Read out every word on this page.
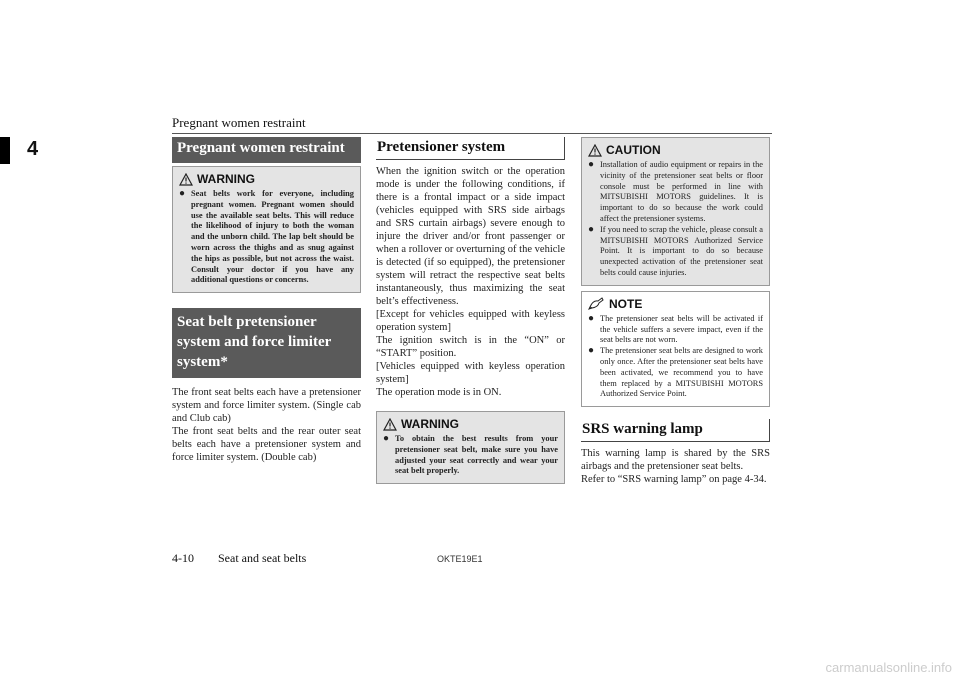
Pregnant women restraint
4	Pregnant women restraint
WARNING
● Seat belts work for everyone, including pregnant women. Pregnant women should use the available seat belts. This will reduce the likelihood of injury to both the woman and the unborn child. The lap belt should be worn across the thighs and as snug against the hips as possible, but not across the waist. Consult your doctor if you have any additional questions or concerns.
Seat belt pretensioner
system and force limiter
system*

The front seat belts each have a pretensioner system and force limiter system. (Single cab and Club cab)

The front seat belts and the rear outer seat belts each have a pretensioner system and force limiter system. (Double cab)

Pretensioner system

When the ignition switch or the operation mode is under the following conditions, if there is a frontal impact or a side impact (vehicles equipped with SRS side airbags and SRS curtain airbags) severe enough to injure the driver and/or front passenger or when a rollover or overturning of the vehicle is detected (if so equipped), the pretensioner system will retract the respective seat belts instantaneously, thus maximizing the seat belt’s effectiveness.

[Except for vehicles equipped with keyless operation system]

The ignition switch is in the “ON” or “START” position.

[Vehicles equipped with keyless operation system]

The operation mode is in ON.

WARNING
● To obtain the best results from your pretensioner seat belt, make sure you have adjusted your seat correctly and wear your seat belt properly.
CAUTION
● Installation of audio equipment or repairs in the vicinity of the pretensioner seat belts or floor console must be performed in line with MITSUBISHI MOTORS guidelines. It is important to do so because the work could affect the pretensioner systems.
● If you need to scrap the vehicle, please consult a MITSUBISHI MOTORS Authorized Service Point. It is important to do so because unexpected activation of the pretensioner seat belts could cause injuries.
NOTE
● The pretensioner seat belts will be activated if the vehicle suffers a severe impact, even if the seat belts are not worn.
● The pretensioner seat belts are designed to work only once. After the pretensioner seat belts have been activated, we recommend you to have them replaced by a MITSUBISHI MOTORS Authorized Service Point.
SRS warning lamp

This warning lamp is shared by the SRS airbags and the pretensioner seat belts.

Refer to “SRS warning lamp” on page 4-34.

4-10 Seat and seat belts	OKTE19E1
carmanualsonline.info
